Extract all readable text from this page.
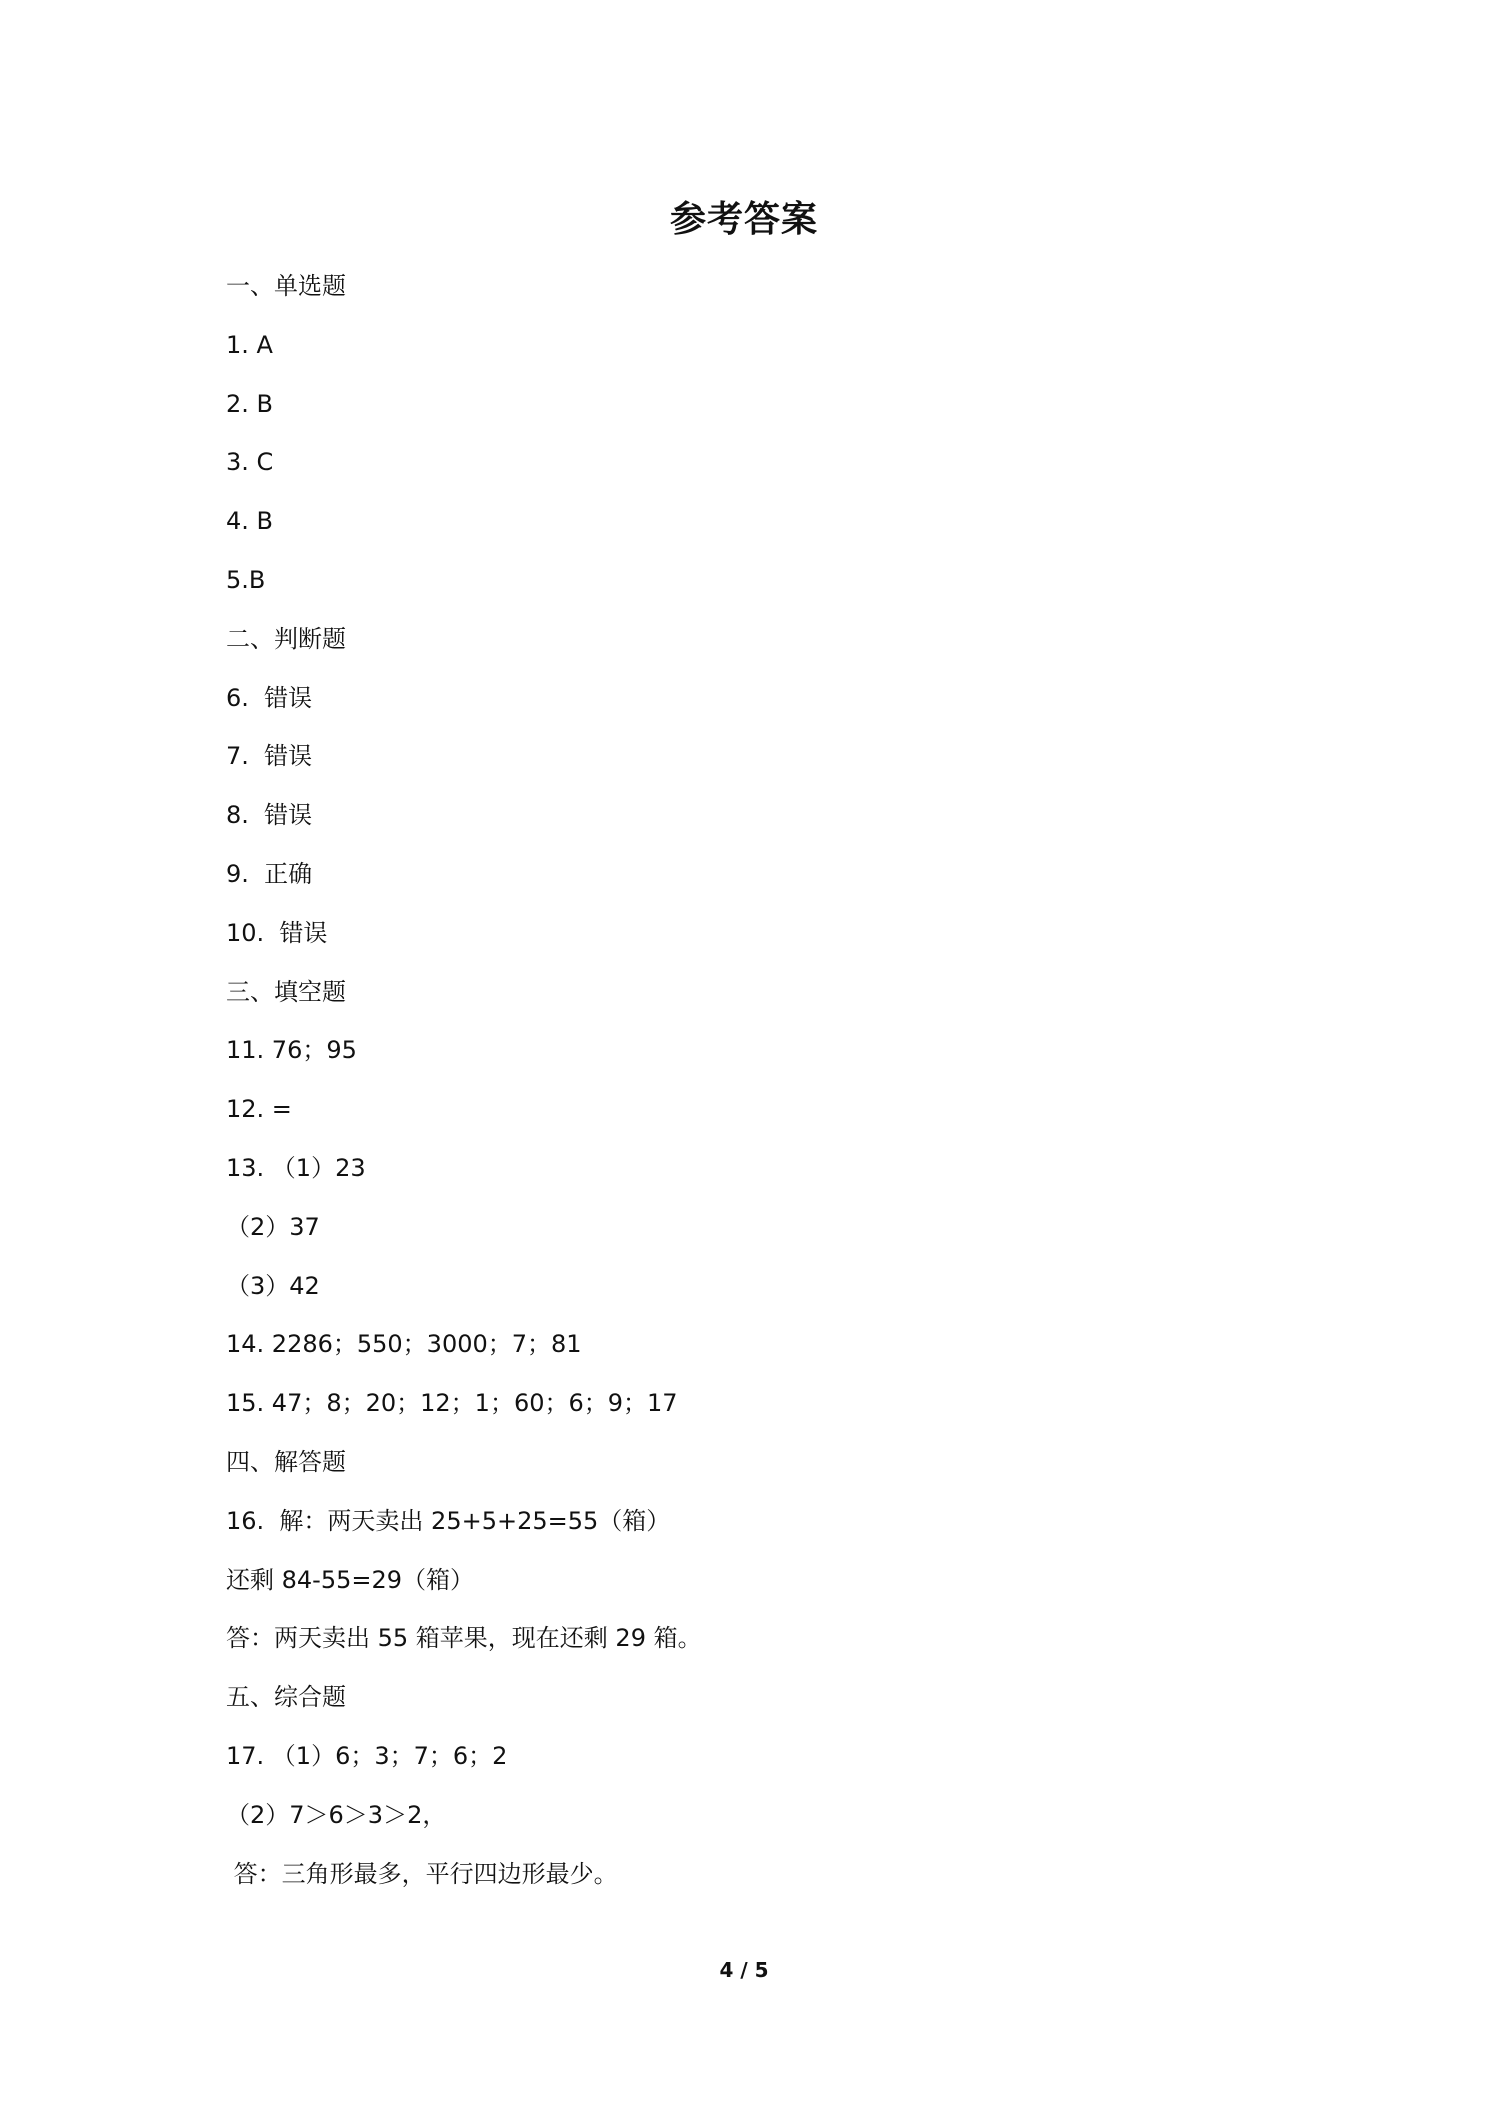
参考答案
一、单选题
1. A
2. B
3. C
4. B
5.B
二、判断题
6.  错误
7.  错误
8.  错误
9.  正确
10.  错误
三、填空题
11. 76；95
12. =
13. （1）23
（2）37
（3）42
14. 2286；550；3000；7；81
15. 47；8；20；12；1；60；6；9；17
四、解答题
16.  解：两天卖出 25+5+25=55（箱）
还剩 84-55=29（箱）
答：两天卖出 55 箱苹果，现在还剩 29 箱。
五、综合题
17. （1）6；3；7；6；2
（2）7＞6＞3＞2，
答：三角形最多，平行四边形最少。
4 / 5
